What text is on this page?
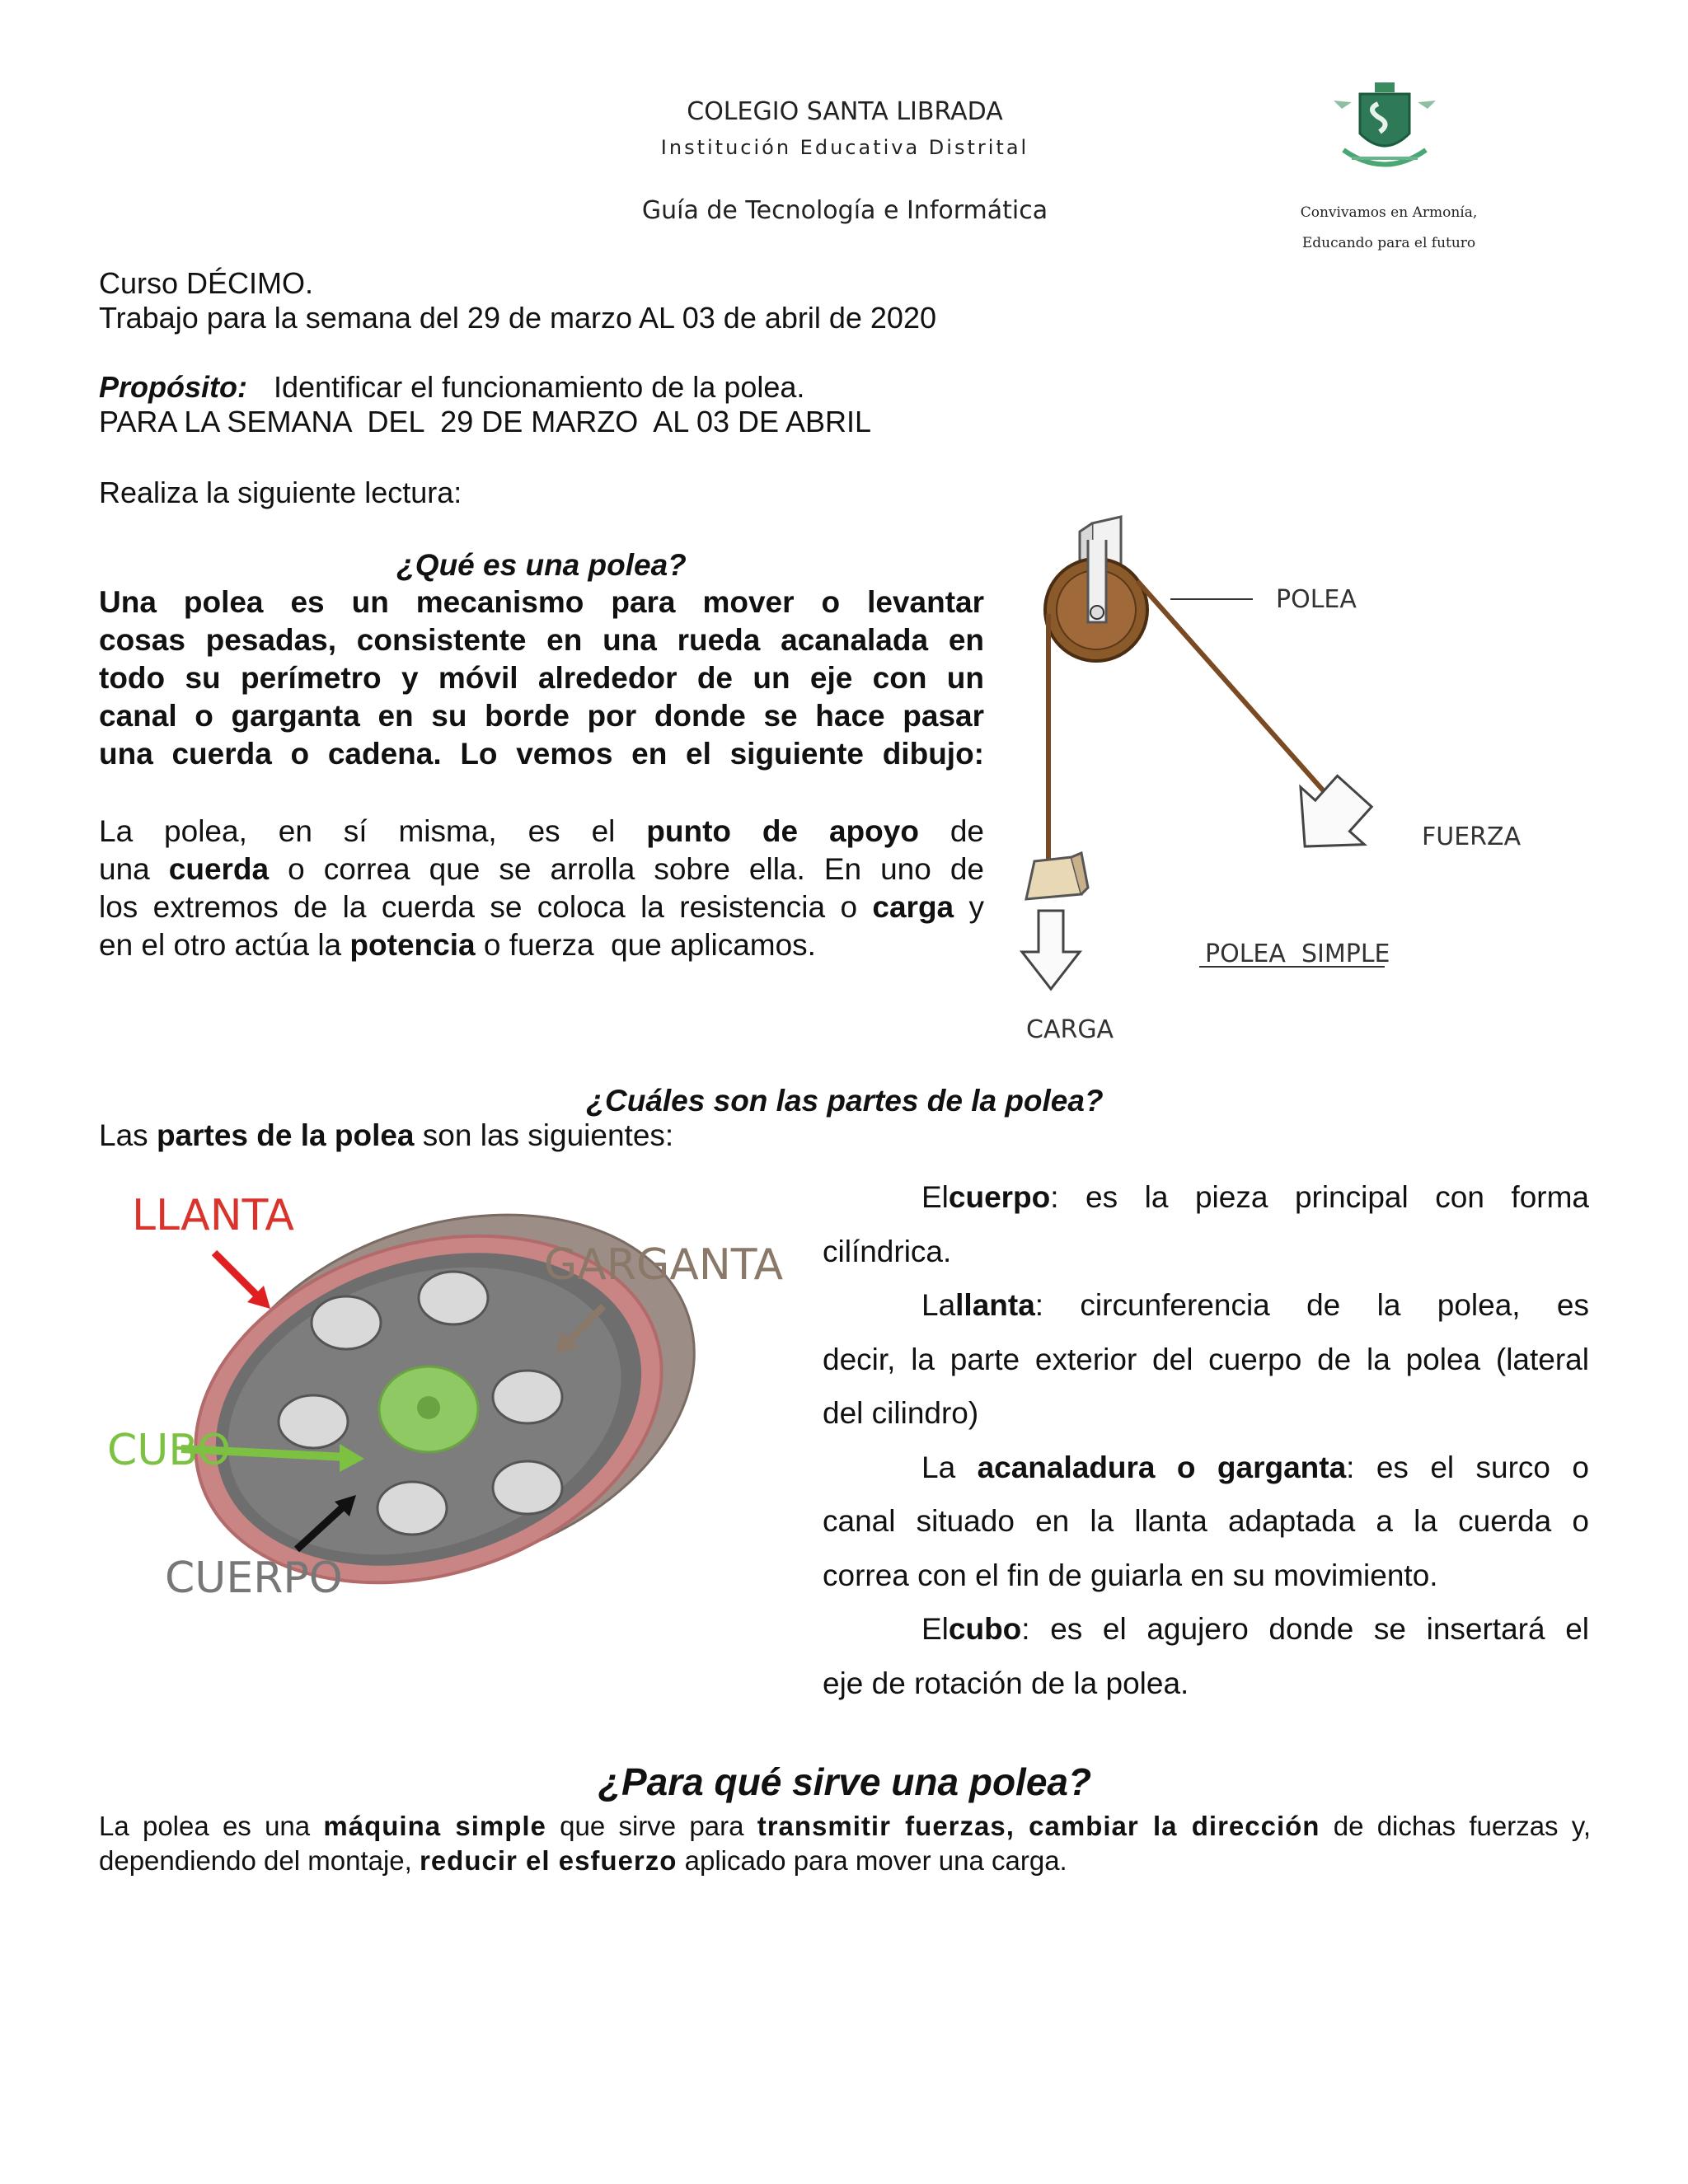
COLEGIO SANTA LIBRADA
Institución Educativa Distrital
Guía de Tecnología e Informática	Convivamos en Armonía,
Educando para el futuro
Curso DÉCIMO.
Trabajo para la semana del 29 de marzo AL 03 de abril de 2020
Propósito: Identificar el funcionamiento de la polea.
PARA LA SEMANA  DEL  29 DE MARZO  AL 03 DE ABRIL
Realiza la siguiente lectura:
¿Qué es una polea?
Una polea es un mecanismo para mover o levantar
cosas pesadas, consistente en una rueda acanalada en
todo su perímetro y móvil alrededor de un eje con un
canal o garganta en su borde por donde se hace pasar
una cuerda o cadena. Lo vemos en el siguiente dibujo:
La polea, en sí misma, es el punto de apoyo de
una cuerda o correa que se arrolla sobre ella. En uno de
los extremos de la cuerda se coloca la resistencia o carga y
en el otro actúa la potencia o fuerza  que aplicamos.
POLEA
FUERZA
POLEA  SIMPLE
CARGA
¿Cuáles son las partes de la polea?
Las partes de la polea son las siguientes:
LLANTA
GARGANTA
CUBO
CUERPO
Elcuerpo: es la pieza principal con forma
cilíndrica.
Lallanta: circunferencia de la polea, es
decir, la parte exterior del cuerpo de la polea (lateral
del cilindro)
La acanaladura o garganta: es el surco o
canal situado en la llanta adaptada a la cuerda o
correa con el fin de guiarla en su movimiento.
Elcubo: es el agujero donde se insertará el
eje de rotación de la polea.
¿Para qué sirve una polea?
La polea es una máquina simple que sirve para transmitir fuerzas, cambiar la dirección de dichas fuerzas y,
dependiendo del montaje, reducir el esfuerzo aplicado para mover una carga.
